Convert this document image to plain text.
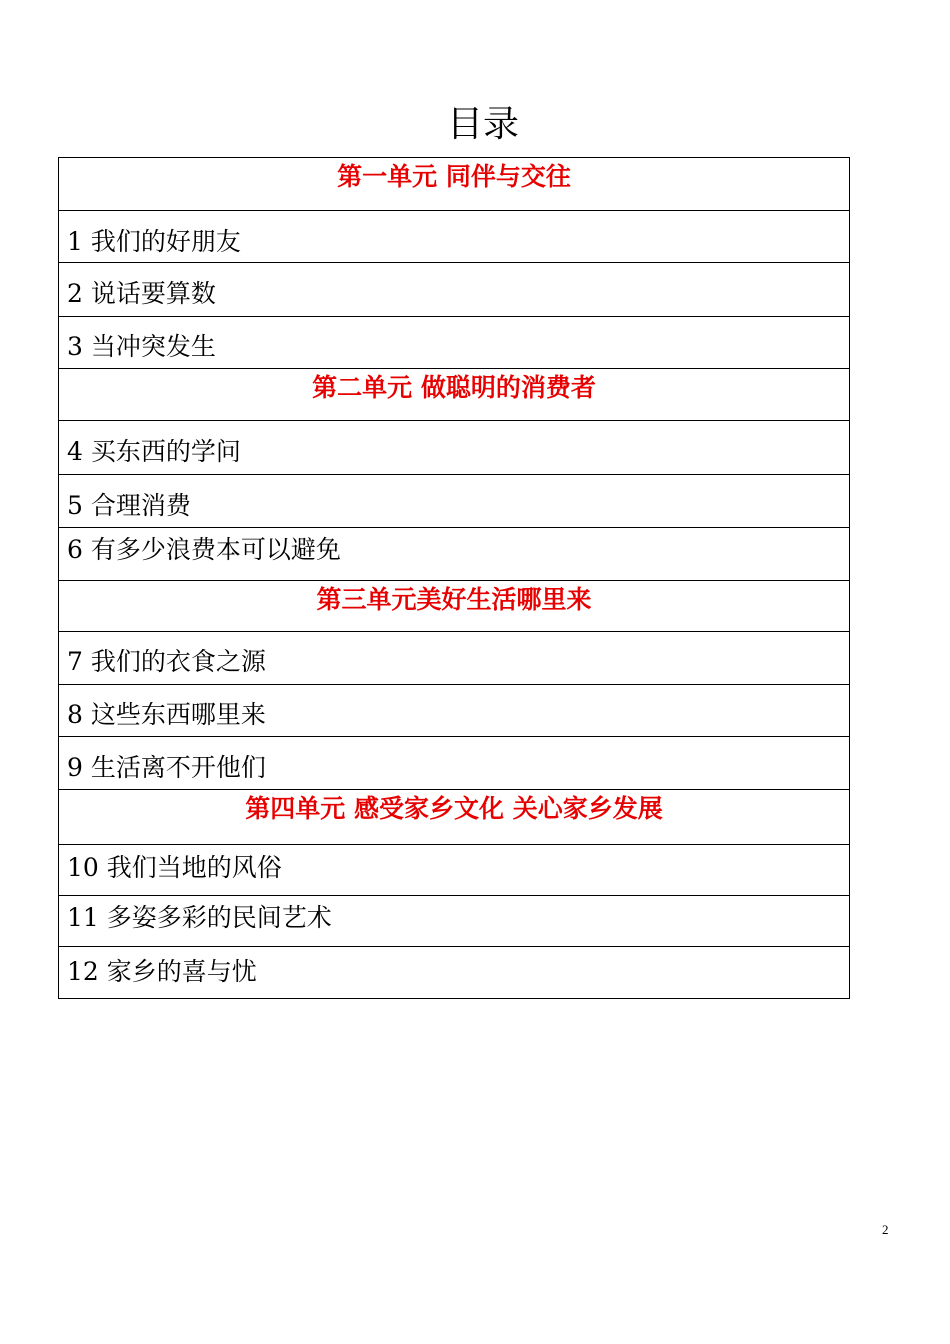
目录
第一单元 同伴与交往
1 我们的好朋友
2 说话要算数
3 当冲突发生
第二单元 做聪明的消费者
4 买东西的学问
5 合理消费
6 有多少浪费本可以避免
第三单元美好生活哪里来
7 我们的衣食之源
8 这些东西哪里来
9 生活离不开他们
第四单元 感受家乡文化 关心家乡发展
10 我们当地的风俗
11 多姿多彩的民间艺术
12 家乡的喜与忧
2
